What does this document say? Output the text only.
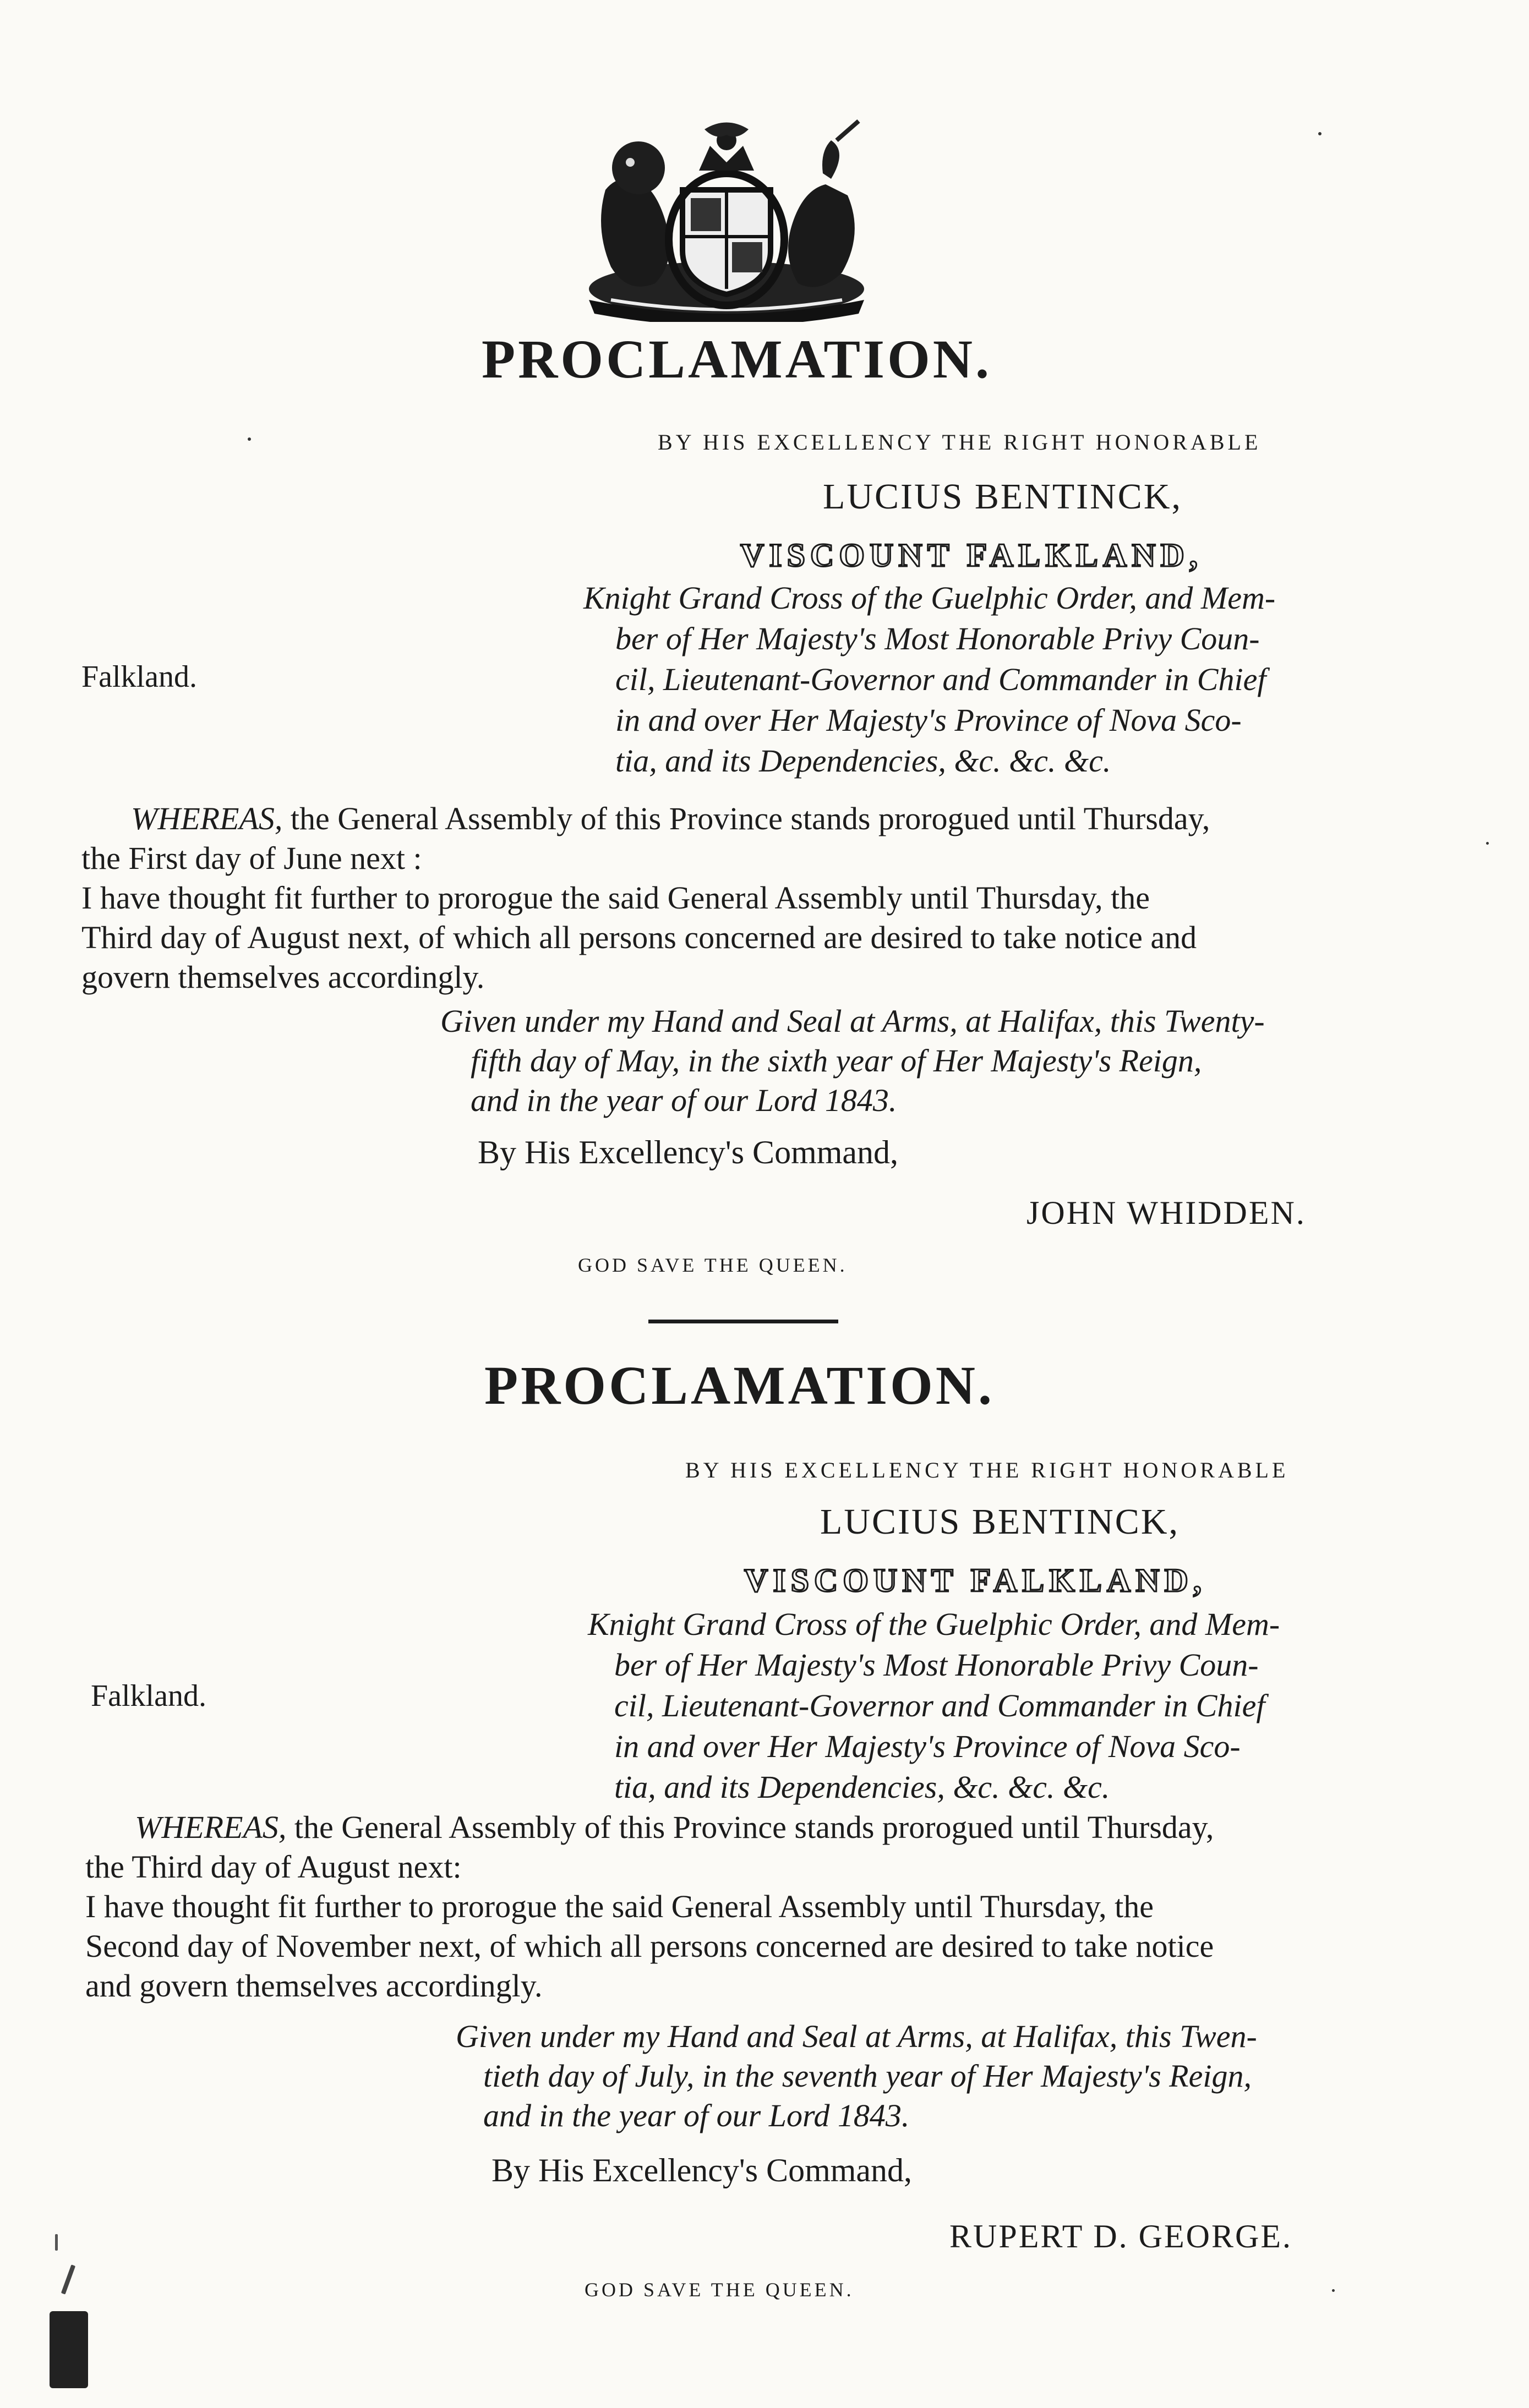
PROCLAMATION.
BY HIS EXCELLENCY THE RIGHT HONORABLE
LUCIUS BENTINCK,
VISCOUNT FALKLAND,
Knight Grand Cross of the Guelphic Order, and Mem-
ber of Her Majesty's Most Honorable Privy Coun-
cil, Lieutenant-Governor and Commander in Chief
in and over Her Majesty's Province of Nova Sco-
tia, and its Dependencies, &c. &c. &c.
Falkland.
WHEREAS, the General Assembly of this Province stands prorogued until Thursday,
the First day of June next :
I have thought fit further to prorogue the said General Assembly until Thursday, the
Third day of August next, of which all persons concerned are desired to take notice and
govern themselves accordingly.
Given under my Hand and Seal at Arms, at Halifax, this Twenty-
fifth day of May, in the sixth year of Her Majesty's Reign,
and in the year of our Lord 1843.
By His Excellency's Command,
JOHN WHIDDEN.
GOD SAVE THE QUEEN.
PROCLAMATION.
BY HIS EXCELLENCY THE RIGHT HONORABLE
LUCIUS BENTINCK,
VISCOUNT FALKLAND,
Knight Grand Cross of the Guelphic Order, and Mem-
ber of Her Majesty's Most Honorable Privy Coun-
cil, Lieutenant-Governor and Commander in Chief
in and over Her Majesty's Province of Nova Sco-
tia, and its Dependencies, &c. &c. &c.
Falkland.
WHEREAS, the General Assembly of this Province stands prorogued until Thursday,
the Third day of August next:
I have thought fit further to prorogue the said General Assembly until Thursday, the
Second day of November next, of which all persons concerned are desired to take notice
and govern themselves accordingly.
Given under my Hand and Seal at Arms, at Halifax, this Twen-
tieth day of July, in the seventh year of Her Majesty's Reign,
and in the year of our Lord 1843.
By His Excellency's Command,
RUPERT D. GEORGE.
GOD SAVE THE QUEEN.
